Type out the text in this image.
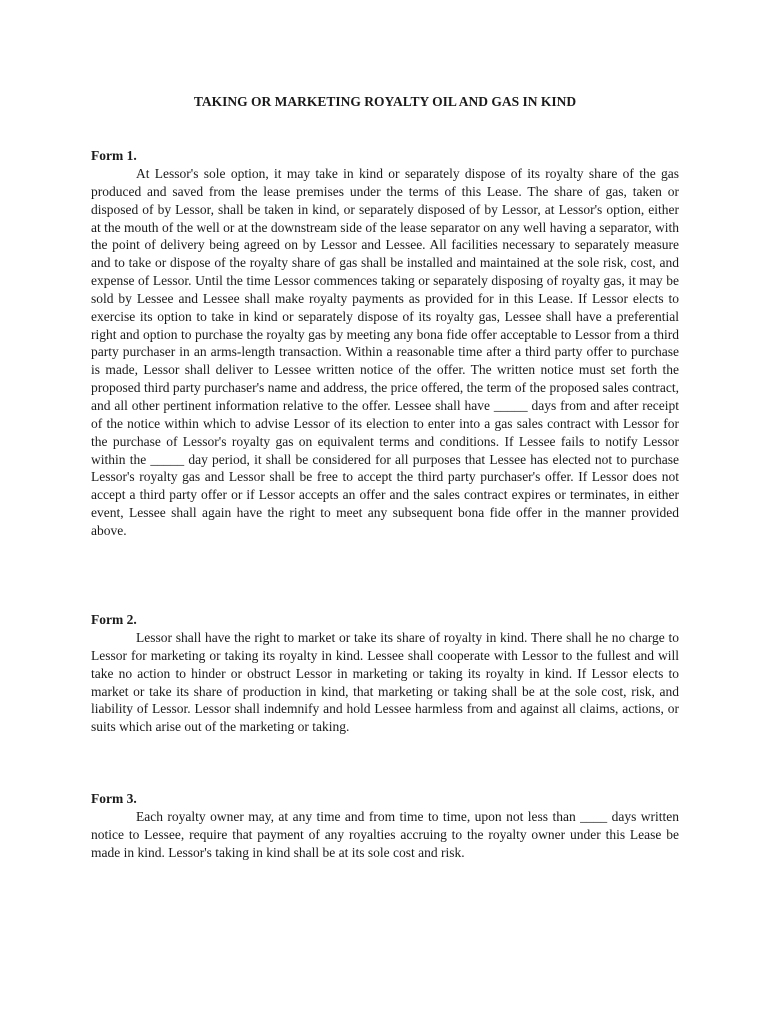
TAKING OR MARKETING ROYALTY OIL AND GAS IN KIND

Form 1.

At Lessor's sole option, it may take in kind or separately dispose of its royalty share of the gas produced and saved from the lease premises under the terms of this Lease. The share of gas, taken or disposed of by Lessor, shall be taken in kind, or separately disposed of by Lessor, at Lessor's option, either at the mouth of the well or at the downstream side of the lease separator on any well having a separator, with the point of delivery being agreed on by Lessor and Lessee. All facilities necessary to separately measure and to take or dispose of the royalty share of gas shall be installed and maintained at the sole risk, cost, and expense of Lessor. Until the time Lessor commences taking or separately disposing of royalty gas, it may be sold by Lessee and Lessee shall make royalty payments as provided for in this Lease. If Lessor elects to exercise its option to take in kind or separately dispose of its royalty gas, Lessee shall have a preferential right and option to purchase the royalty gas by meeting any bona fide offer acceptable to Lessor from a third party purchaser in an arms-length transaction. Within a reasonable time after a third party offer to purchase is made, Lessor shall deliver to Lessee written notice of the offer. The written notice must set forth the proposed third party purchaser's name and address, the price offered, the term of the proposed sales contract, and all other pertinent information relative to the offer. Lessee shall have _____ days from and after receipt of the notice within which to advise Lessor of its election to enter into a gas sales contract with Lessor for the purchase of Lessor's royalty gas on equivalent terms and conditions. If Lessee fails to notify Lessor within the _____ day period, it shall be considered for all purposes that Lessee has elected not to purchase Lessor's royalty gas and Lessor shall be free to accept the third party purchaser's offer. If Lessor does not accept a third party offer or if Lessor accepts an offer and the sales contract expires or terminates, in either event, Lessee shall again have the right to meet any subsequent bona fide offer in the manner provided above.

Form 2.

Lessor shall have the right to market or take its share of royalty in kind. There shall he no charge to Lessor for marketing or taking its royalty in kind. Lessee shall cooperate with Lessor to the fullest and will take no action to hinder or obstruct Lessor in marketing or taking its royalty in kind. If Lessor elects to market or take its share of production in kind, that marketing or taking shall be at the sole cost, risk, and liability of Lessor. Lessor shall indemnify and hold Lessee harmless from and against all claims, actions, or suits which arise out of the marketing or taking.

Form 3.

Each royalty owner may, at any time and from time to time, upon not less than ____ days written notice to Lessee, require that payment of any royalties accruing to the royalty owner under this Lease be made in kind. Lessor's taking in kind shall be at its sole cost and risk.
